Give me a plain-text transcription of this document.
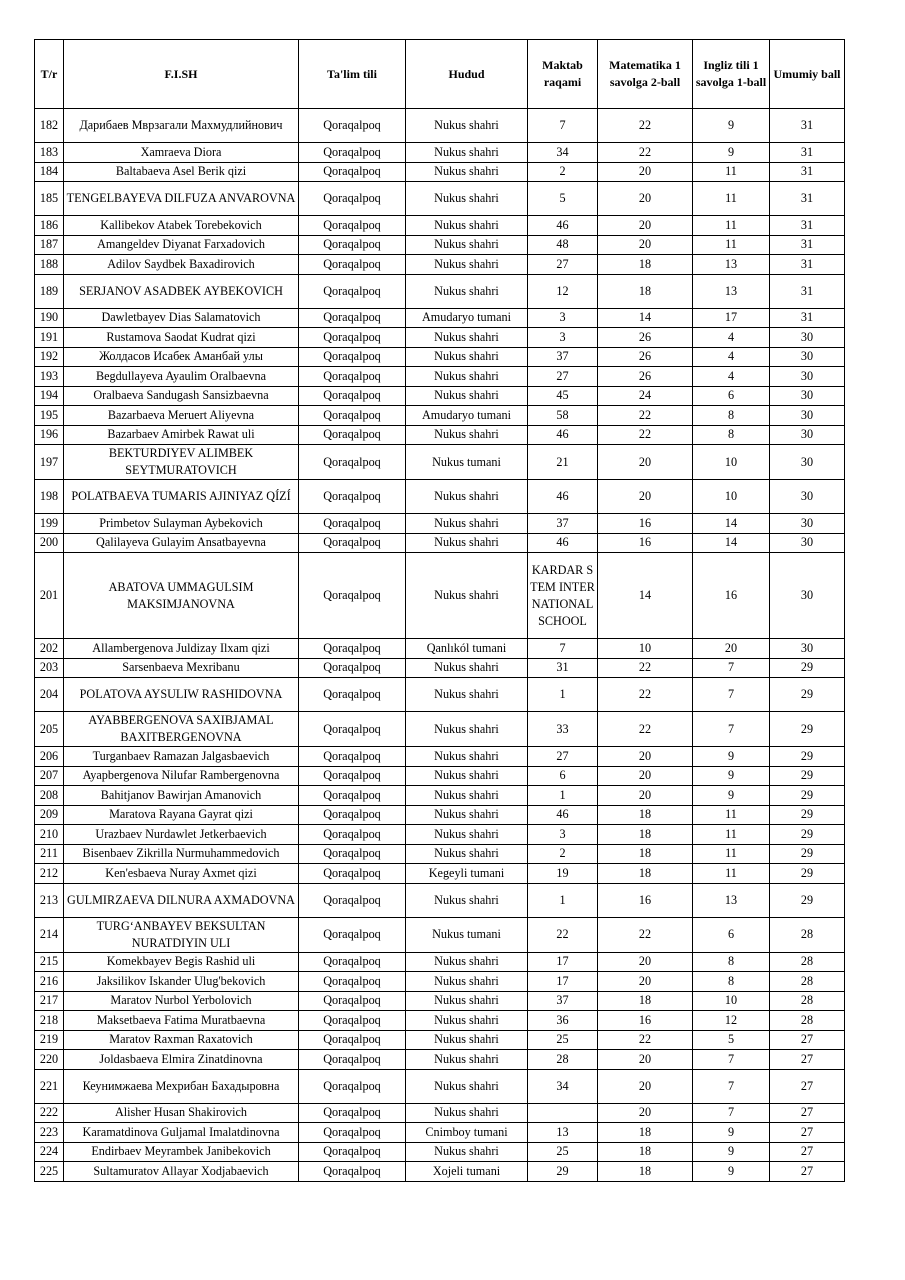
T/r	F.I.SH	Ta'lim tili	Hudud	Maktab raqami	Matematika 1 savolga 2-ball	Ingliz tili 1 savolga 1-ball	Umumiy ball
182	Дарибаев Мврзагали Махмудлийнович	Qoraqalpoq	Nukus shahri	7	22	9	31
183	Xamraeva Diora	Qoraqalpoq	Nukus shahri	34	22	9	31
184	Baltabaeva Asel Berik qizi	Qoraqalpoq	Nukus shahri	2	20	11	31
185	TENGELBAYEVA DILFUZA ANVAROVNA	Qoraqalpoq	Nukus shahri	5	20	11	31
186	Kallibekov Atabek Torebekovich	Qoraqalpoq	Nukus shahri	46	20	11	31
187	Amangeldev Diyanat Farxadovich	Qoraqalpoq	Nukus shahri	48	20	11	31
188	Adilov Saydbek Baxadirovich	Qoraqalpoq	Nukus shahri	27	18	13	31
189	SERJANOV ASADBEK AYBEKOVICH	Qoraqalpoq	Nukus shahri	12	18	13	31
190	Dawletbayev Dias Salamatovich	Qoraqalpoq	Amudaryo tumani	3	14	17	31
191	Rustamova Saodat Kudrat qizi	Qoraqalpoq	Nukus shahri	3	26	4	30
192	Жолдасов Исабек Аманбай улы	Qoraqalpoq	Nukus shahri	37	26	4	30
193	Begdullayeva Ayaulim Oralbaevna	Qoraqalpoq	Nukus shahri	27	26	4	30
194	Oralbaeva Sandugash Sansizbaevna	Qoraqalpoq	Nukus shahri	45	24	6	30
195	Bazarbaeva Meruert Aliyevna	Qoraqalpoq	Amudaryo tumani	58	22	8	30
196	Bazarbaev Amirbek Rawat uli	Qoraqalpoq	Nukus shahri	46	22	8	30
197	BEKTURDIYEV ALIMBEK SEYTMURATOVICH	Qoraqalpoq	Nukus tumani	21	20	10	30
198	POLATBAEVA TUMARIS AJINIYAZ QÍZÍ	Qoraqalpoq	Nukus shahri	46	20	10	30
199	Primbetov Sulayman Aybekovich	Qoraqalpoq	Nukus shahri	37	16	14	30
200	Qalilayeva Gulayim Ansatbayevna	Qoraqalpoq	Nukus shahri	46	16	14	30
201	ABATOVA UMMAGULSIM MAKSIMJANOVNA	Qoraqalpoq	Nukus shahri	KARDAR STEM INTERNATIONAL SCHOOL	14	16	30
202	Allambergenova Juldizay Ilxam qizi	Qoraqalpoq	Qanlıkól tumani	7	10	20	30
203	Sarsenbaeva Mexribanu	Qoraqalpoq	Nukus shahri	31	22	7	29
204	POLATOVA AYSULIW RASHIDOVNA	Qoraqalpoq	Nukus shahri	1	22	7	29
205	AYABBERGENOVA SAXIBJAMAL BAXITBERGENOVNA	Qoraqalpoq	Nukus shahri	33	22	7	29
206	Turganbaev Ramazan Jalgasbaevich	Qoraqalpoq	Nukus shahri	27	20	9	29
207	Ayapbergenova Nilufar Rambergenovna	Qoraqalpoq	Nukus shahri	6	20	9	29
208	Bahitjanov Bawirjan Amanovich	Qoraqalpoq	Nukus shahri	1	20	9	29
209	Maratova Rayana Gayrat qizi	Qoraqalpoq	Nukus shahri	46	18	11	29
210	Urazbaev Nurdawlet Jetkerbaevich	Qoraqalpoq	Nukus shahri	3	18	11	29
211	Bisenbaev Zikrilla Nurmuhammedovich	Qoraqalpoq	Nukus shahri	2	18	11	29
212	Ken'esbaeva Nuray Axmet qizi	Qoraqalpoq	Kegeyli tumani	19	18	11	29
213	GULMIRZAEVA DILNURA AXMADOVNA	Qoraqalpoq	Nukus shahri	1	16	13	29
214	TURG‘ANBAYEV BEKSULTAN NURATDIYIN ULI	Qoraqalpoq	Nukus tumani	22	22	6	28
215	Komekbayev Begis Rashid uli	Qoraqalpoq	Nukus shahri	17	20	8	28
216	Jaksilikov Iskander Ulug'bekovich	Qoraqalpoq	Nukus shahri	17	20	8	28
217	Maratov Nurbol Yerbolovich	Qoraqalpoq	Nukus shahri	37	18	10	28
218	Maksetbaeva Fatima Muratbaevna	Qoraqalpoq	Nukus shahri	36	16	12	28
219	Maratov Raxman Raxatovich	Qoraqalpoq	Nukus shahri	25	22	5	27
220	Joldasbaeva Elmira Zinatdinovna	Qoraqalpoq	Nukus shahri	28	20	7	27
221	Кеунимжаева Мехрибан Бахадыровна	Qoraqalpoq	Nukus shahri	34	20	7	27
222	Alisher Husan Shakirovich	Qoraqalpoq	Nukus shahri		20	7	27
223	Karamatdinova Guljamal Imalatdinovna	Qoraqalpoq	Cnimboy tumani	13	18	9	27
224	Endirbaev Meyrambek Janibekovich	Qoraqalpoq	Nukus shahri	25	18	9	27
225	Sultamuratov Allayar Xodjabaevich	Qoraqalpoq	Xojeli tumani	29	18	9	27
